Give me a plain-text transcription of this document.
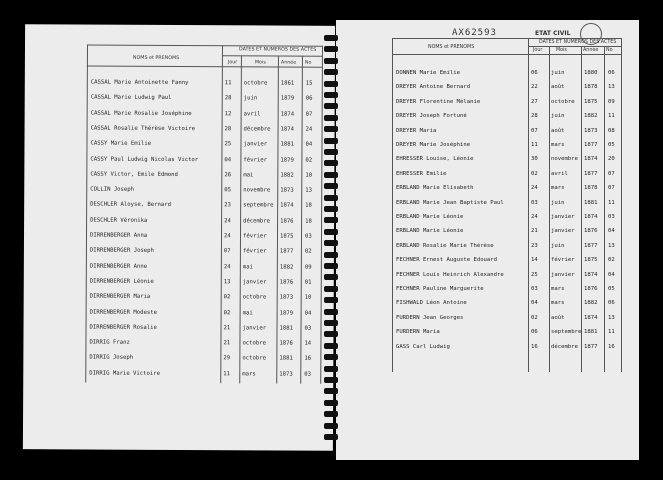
NOMS et PRENOMS
DATES ET NUMEROS DES ACTES
Jour	Mois	Année No
CASSAL Marie Antoinette Fanny	11 octobre 1861 15
CASSAL Marie Ludwig Paul	28 juin	1879 06
CASSAL Marie Rosalie Joséphine	12 avril	1874 07
CASSAL Rosalie Thérèse Victoire	28 décembre 1874 24
CASSY Marie Emilie	25 janvier 1881 04
CASSY Paul Ludwig Nicolas Victor	04 février 1879 02
CASSY Victor, Emile Edmond	26 mai	1882 10
COLLIN Joseph	05 novembre 1873 13
DESCHLER Aloyse, Bernard	23 septembre 1874 18
DESCHLER Véronika	24 décembre 1876 18
DIRRENBERGER Anna	24 février 1875 03
DIRRENBERGER Joseph	07 février 1877 02
DIRRENBERGER Anne	24 mai	1882 09
DIRRENBERGER Léonie	13 janvier 1876 01
DIRRENBERGER Maria	02 octobre 1873 10
DIRRENBERGER Modeste	02 mai	1879 04
DIRRENBERGER Rosalie	21 janvier 1881 03
DIRRIG Franz	21 octobre 1876 14
DIRRIG Joseph	29 octobre 1881 16
DIRRIG Marie Victoire	11 mars	1873 03
AX62593	ETAT CIVIL
NOMS et PRENOMS
DATES ET NUMEROS DES ACTES
Jour	Mois	Année No
DONNEN Marie Emilie	06 juin	1880 06
DREYER Antoine Bernard	22 août	1878 13
DREYER Florentine Mélanie	27 octobre 1875 09
DREYER Joseph Fortuné	28 juin	1882 11
DREYER Maria	07 août	1873 08
DREYER Marie Joséphine	11 mars	1877 05
EHRESSER Louise, Léonie	30 novembre 1874 20
EHRESSER Emilie	02 avril	1877 07
ERBLAND Marie Elisabeth	24 mars	1878 07
ERBLAND Marie Jean Baptiste Paul	03 juin	1881 11
ERBLAND Marie Léonie	24 janvier 1874 03
ERBLAND Marie Léonie	21 janvier 1876 04
ERBLAND Rosalie Marie Thérèse	23 juin	1877 13
FECHNER Ernest Auguste Edouard	14 février 1875 02
FECHNER Louis Heinrich Alexandre	25 janvier 1874 04
FECHNER Pauline Marguerite	03 mars	1876 05
FISHWALD Léon Antoine	04 mars	1882 06
FURDERN Jean Georges	02 août	1874 13
FURDERN Maria	06 septembre 1881 11
GASS Carl Ludwig	16 décembre 1877 16
